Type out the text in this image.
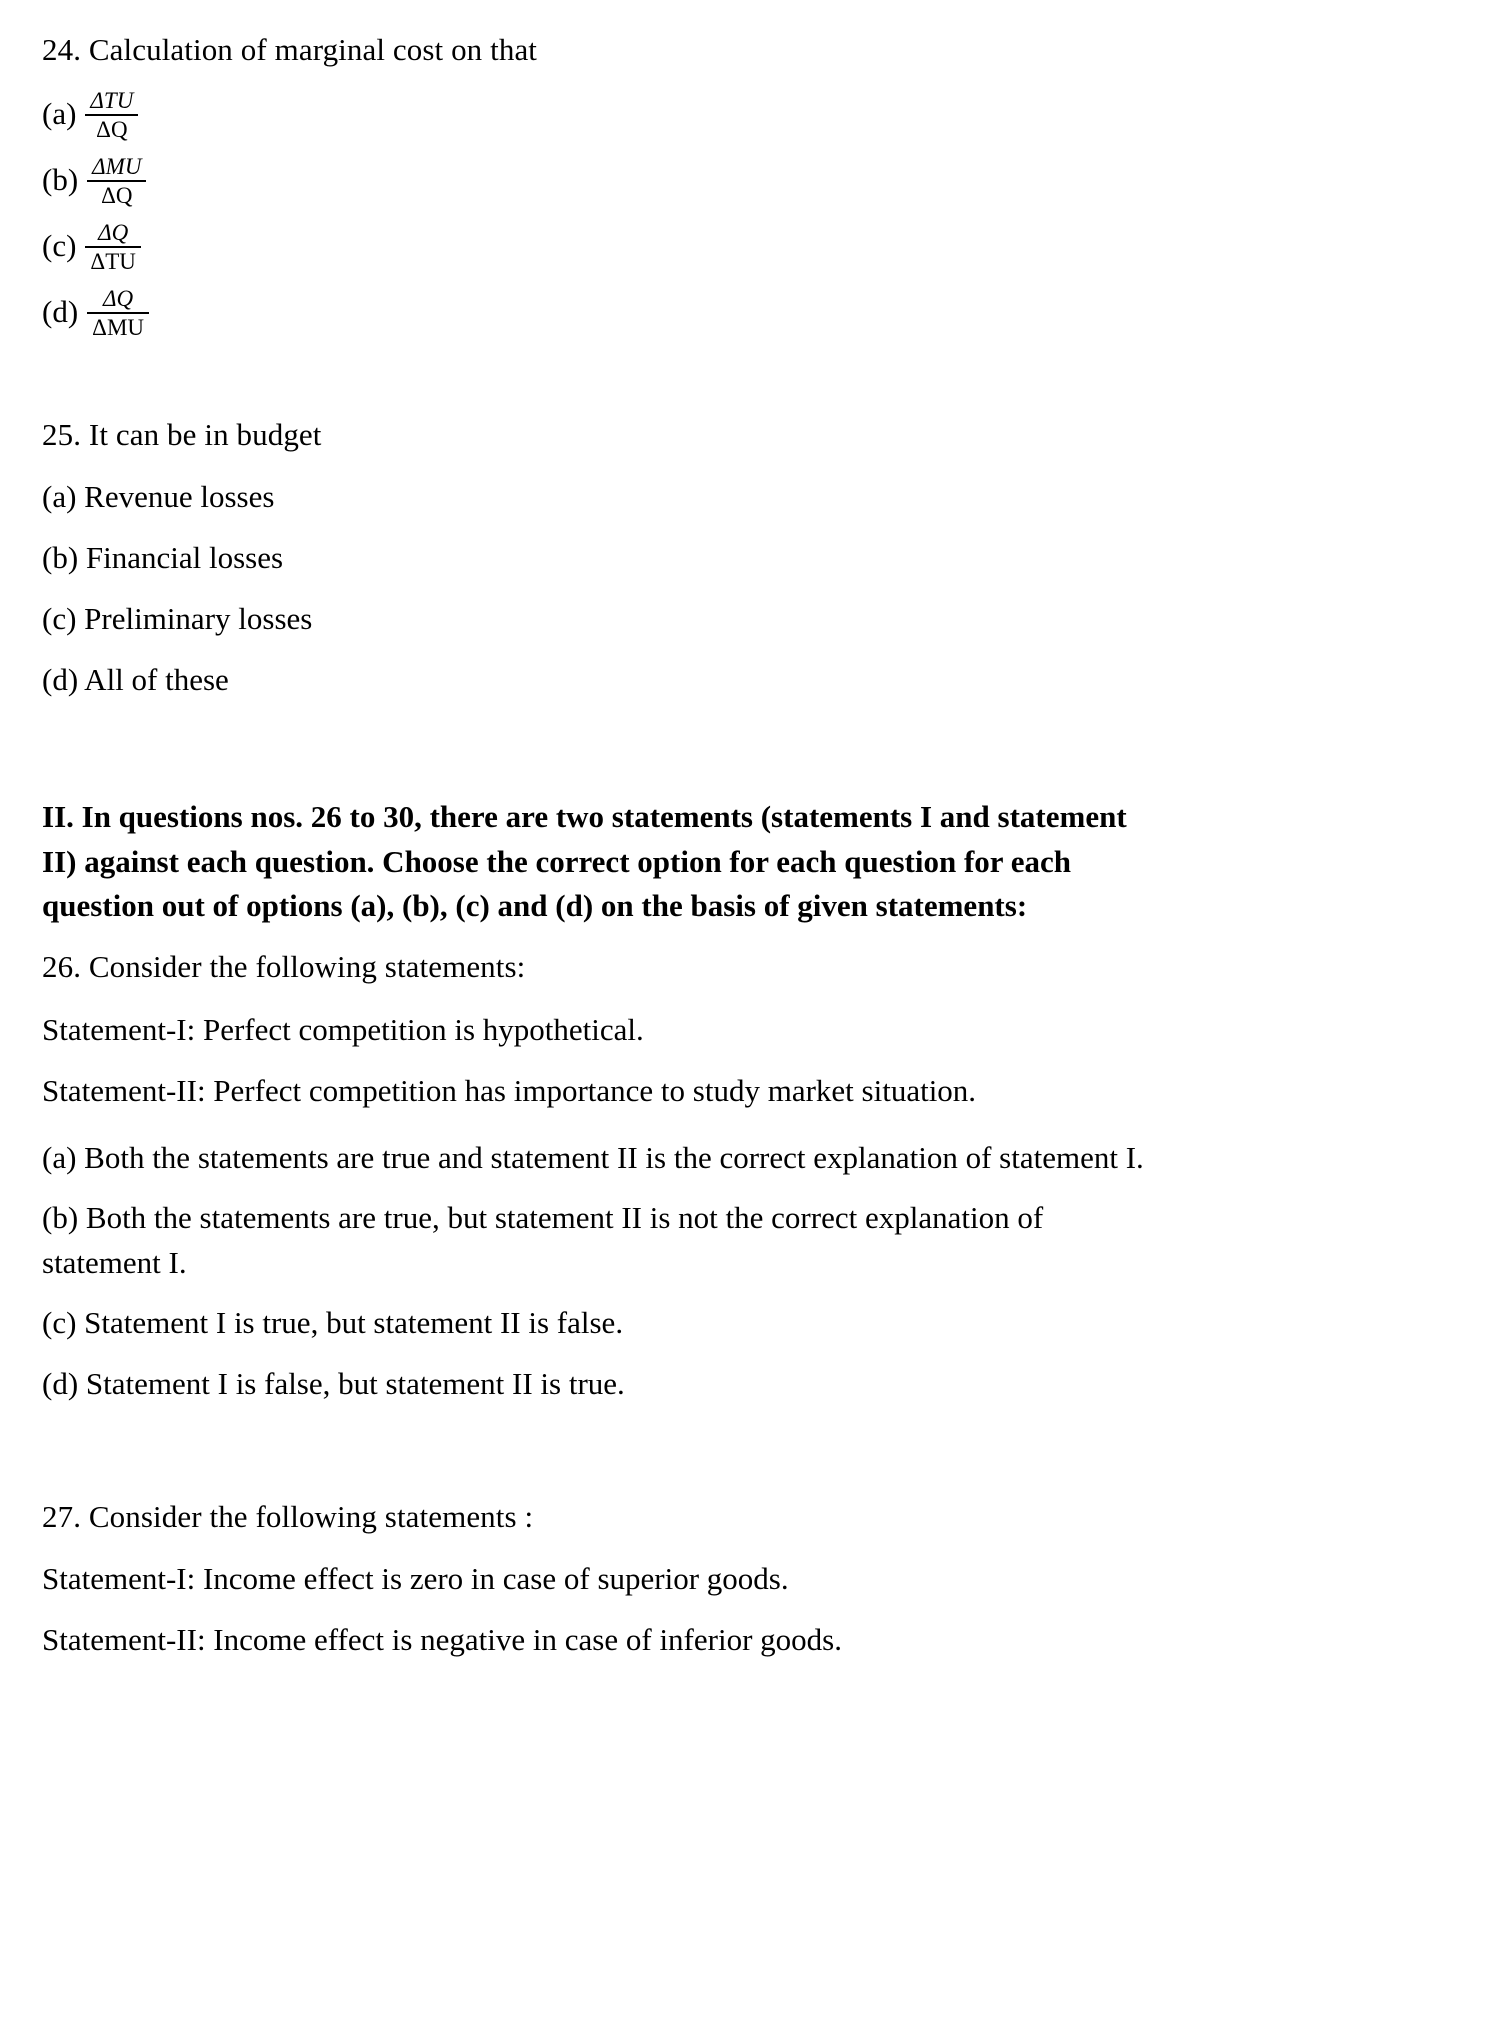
24. Calculation of marginal cost on that
$(a) \frac{\text{ΔTU}}{\Delta Q}$
$(b) \frac{\text{ΔMU}}{\Delta Q}$
$(c) \frac{\Delta Q}{\text{ΔTU}}$
$(d) \frac{\Delta Q}{\text{ΔMU}}$
25. It can be in budget
(a) Revenue losses
(b) Financial losses
(c) Preliminary losses
(d) All of these
II. In questions nos. 26 to 30, there are two statements (statements I and statement II) against each question. Choose the correct option for each question for each question out of options (a), (b), (c) and (d) on the basis of given statements:
26. Consider the following statements:
Statement-I: Perfect competition is hypothetical.
Statement-II: Perfect competition has importance to study market situation.
(a) Both the statements are true and statement II is the correct explanation of statement I.
(b) Both the statements are true, but statement II is not the correct explanation of statement I.
(c) Statement I is true, but statement II is false.
(d) Statement I is false, but statement II is true.
27. Consider the following statements :
Statement-I: Income effect is zero in case of superior goods.
Statement-II: Income effect is negative in case of inferior goods.
